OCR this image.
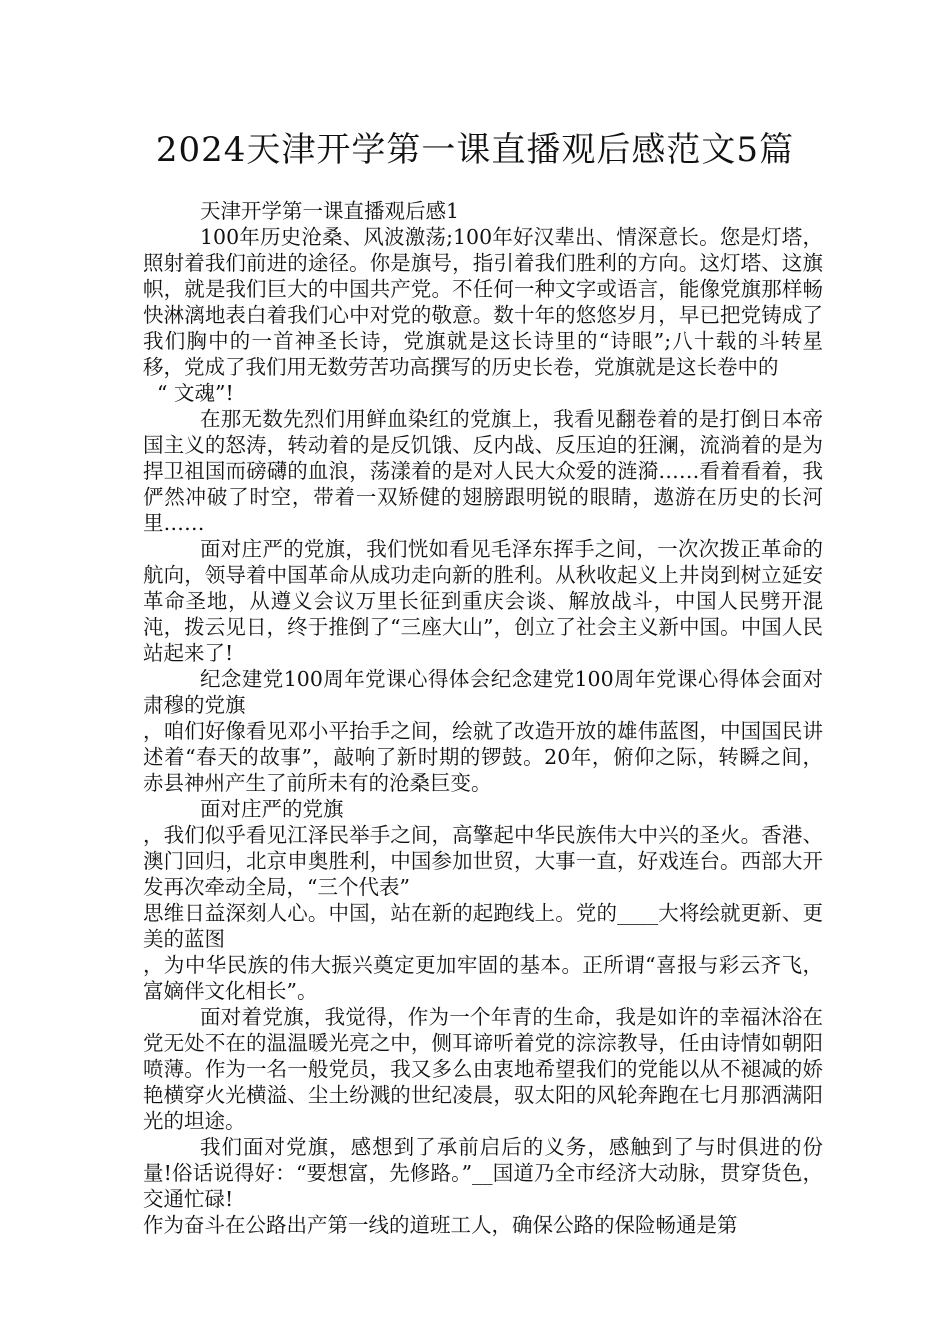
2024天津开学第一课直播观后感范文5篇

天津开学第一课直播观后感1

100年历史沧桑、风波激荡;100年好汉辈出、情深意长。您是灯塔，照射着我们前进的途径。你是旗号，指引着我们胜利的方向。这灯塔、这旗帜，就是我们巨大的中国共产党。不任何一种文字或语言，能像党旗那样畅快淋漓地表白着我们心中对党的敬意。数十年的悠悠岁月，早已把党铸成了我们胸中的一首神圣长诗，党旗就是这长诗里的“诗眼”;八十载的斗转星移，党成了我们用无数劳苦功高撰写的历史长卷，党旗就是这长卷中的

“ 文魂”!

在那无数先烈们用鲜血染红的党旗上，我看见翻卷着的是打倒日本帝国主义的怒涛，转动着的是反饥饿、反内战、反压迫的狂澜，流淌着的是为捍卫祖国而磅礴的血浪，荡漾着的是对人民大众爱的涟漪……看着看着，我俨然冲破了时空，带着一双矫健的翅膀跟明锐的眼睛，遨游在历史的长河里……

面对庄严的党旗，我们恍如看见毛泽东挥手之间，一次次拨正革命的航向，领导着中国革命从成功走向新的胜利。从秋收起义上井岗到树立延安革命圣地，从遵义会议万里长征到重庆会谈、解放战斗，中国人民劈开混沌，拨云见日，终于推倒了“三座大山”，创立了社会主义新中国。中国人民站起来了!

纪念建党100周年党课心得体会纪念建党100周年党课心得体会面对肃穆的党旗

，咱们好像看见邓小平抬手之间，绘就了改造开放的雄伟蓝图，中国国民讲述着“春天的故事”，敲响了新时期的锣鼓。20年，俯仰之际，转瞬之间，赤县神州产生了前所未有的沧桑巨变。

面对庄严的党旗

，我们似乎看见江泽民举手之间，高擎起中华民族伟大中兴的圣火。香港、澳门回归，北京申奥胜利，中国参加世贸，大事一直，好戏连台。西部大开发再次牵动全局，“三个代表”

思维日益深刻人心。中国，站在新的起跑线上。党的____大将绘就更新、更美的蓝图

，为中华民族的伟大振兴奠定更加牢固的基本。正所谓“喜报与彩云齐飞，富嫡伴文化相长”。

面对着党旗，我觉得，作为一个年青的生命，我是如许的幸福沐浴在党无处不在的温温暖光亮之中，侧耳谛听着党的淙淙教导，任由诗情如朝阳喷薄。作为一名一般党员，我又多么由衷地希望我们的党能以从不褪减的娇艳横穿火光横溢、尘土纷溅的世纪凌晨，驭太阳的风轮奔跑在七月那洒满阳光的坦途。

我们面对党旗，感想到了承前启后的义务，感触到了与时俱进的份量!俗话说得好：“要想富，先修路。”__国道乃全市经济大动脉，贯穿货色，交通忙碌!

作为奋斗在公路出产第一线的道班工人，确保公路的保险畅通是第
